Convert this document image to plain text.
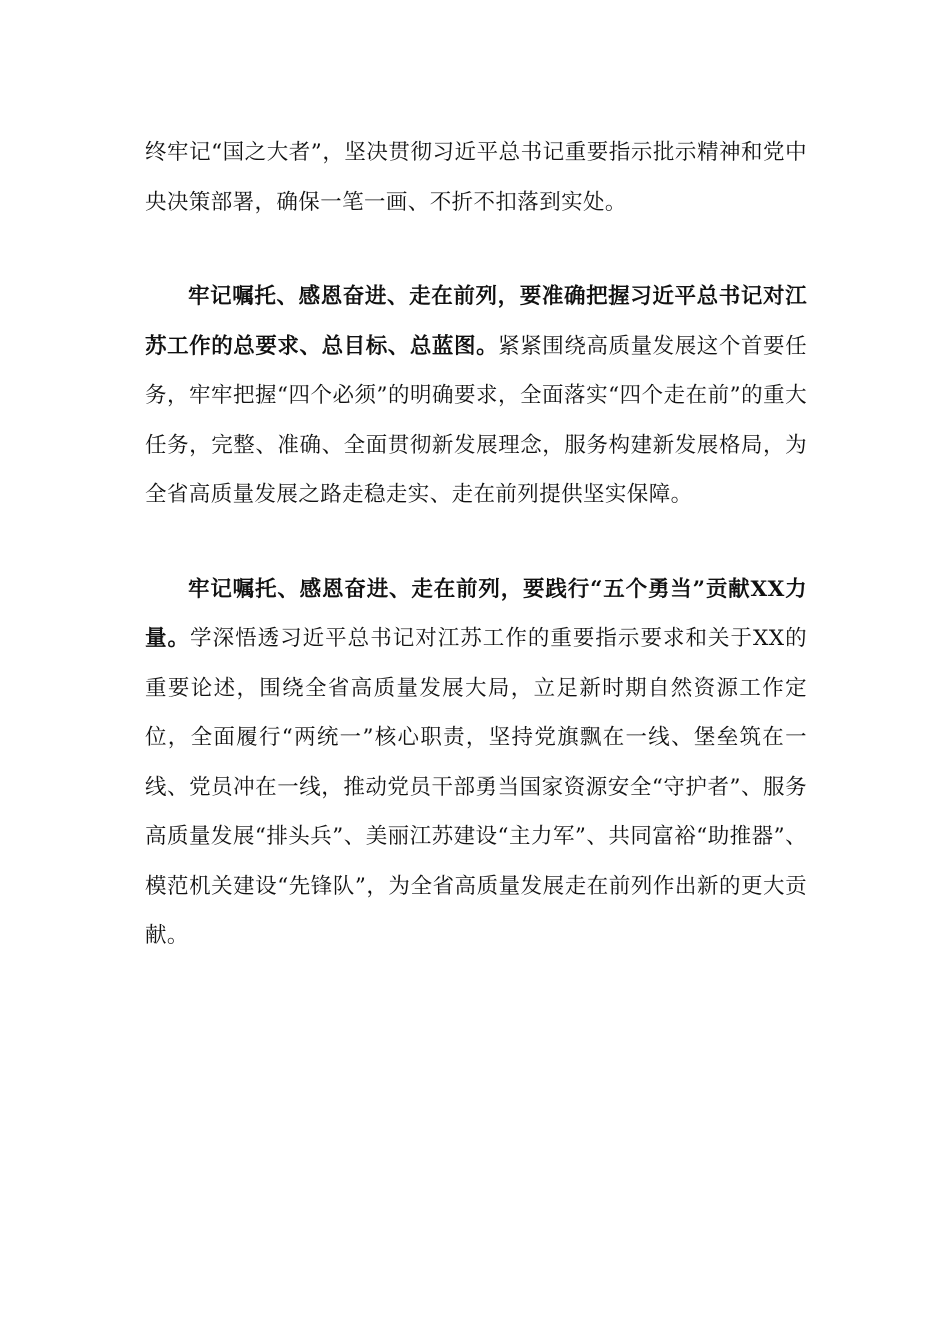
终牢记“国之大者”，坚决贯彻习近平总书记重要指示批示精神和党中央决策部署，确保一笔一画、不折不扣落到实处。

牢记嘱托、感恩奋进、走在前列，要准确把握习近平总书记对江苏工作的总要求、总目标、总蓝图。紧紧围绕高质量发展这个首要任务，牢牢把握“四个必须”的明确要求，全面落实“四个走在前”的重大任务，完整、准确、全面贯彻新发展理念，服务构建新发展格局，为全省高质量发展之路走稳走实、走在前列提供坚实保障。

牢记嘱托、感恩奋进、走在前列，要践行“五个勇当”贡献XX力量。学深悟透习近平总书记对江苏工作的重要指示要求和关于XX的重要论述，围绕全省高质量发展大局，立足新时期自然资源工作定位，全面履行“两统一”核心职责，坚持党旗飘在一线、堡垒筑在一线、党员冲在一线，推动党员干部勇当国家资源安全“守护者”、服务高质量发展“排头兵”、美丽江苏建设“主力军”、共同富裕“助推器”、模范机关建设“先锋队”，为全省高质量发展走在前列作出新的更大贡献。
